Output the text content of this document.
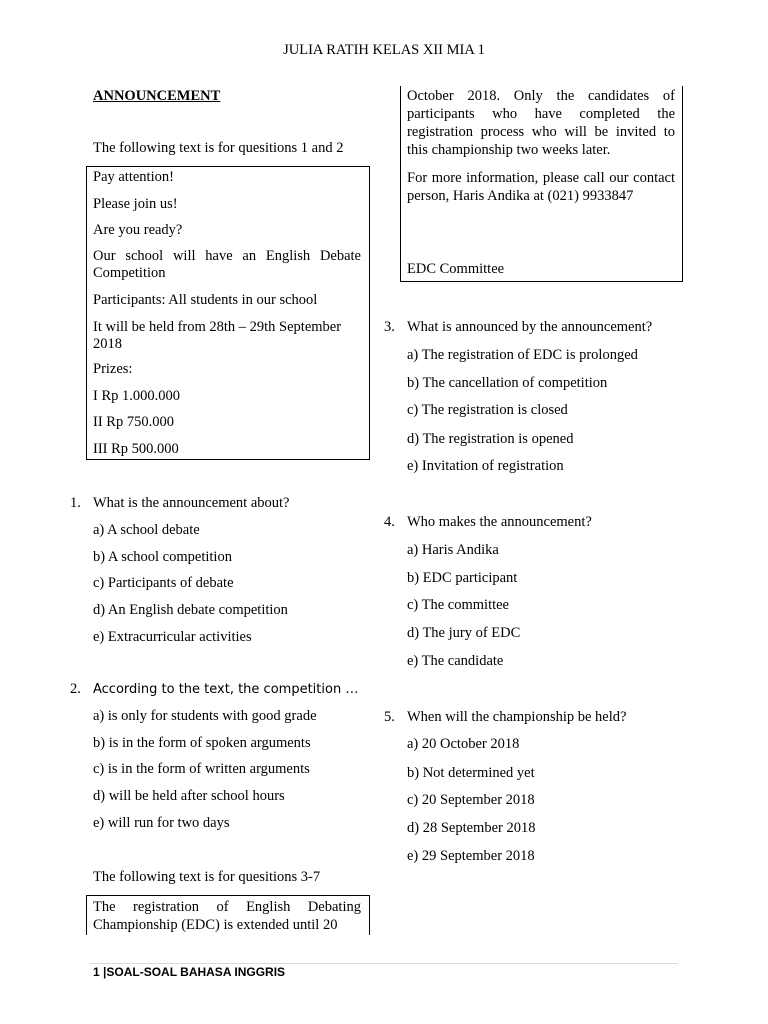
JULIA RATIH KELAS XII MIA 1
ANNOUNCEMENT
The following text is for quesitions 1 and 2
Pay attention!
Please join us!
Are you ready?
Our school will have an English Debate Competition
Participants: All students in our school
It will be held from 28th – 29th September 2018
Prizes:
I Rp 1.000.000
II Rp 750.000
III Rp 500.000
1. What is the announcement about?
a) A school debate
b) A school competition
c) Participants of debate
d) An English debate competition
e) Extracurricular activities
2. According to the text, the competition …
a) is only for students with good grade
b) is in the form of spoken arguments
c) is in the form of written arguments
d) will be held after school hours
e) will run for two days
The following text is for quesitions 3-7
The registration of English Debating Championship (EDC) is extended until 20
October 2018. Only the candidates of participants who have completed the registration process who will be invited to this championship two weeks later.
For more information, please call our contact person, Haris Andika at (021) 9933847
EDC Committee
3. What is announced by the announcement?
a) The registration of EDC is prolonged
b) The cancellation of competition
c) The registration is closed
d) The registration is opened
e) Invitation of registration
4. Who makes the announcement?
a) Haris Andika
b) EDC participant
c) The committee
d) The jury of EDC
e) The candidate
5. When will the championship be held?
a) 20 October 2018
b) Not determined yet
c) 20 September 2018
d) 28 September 2018
e) 29 September 2018
1 |SOAL-SOAL BAHASA INGGRIS
